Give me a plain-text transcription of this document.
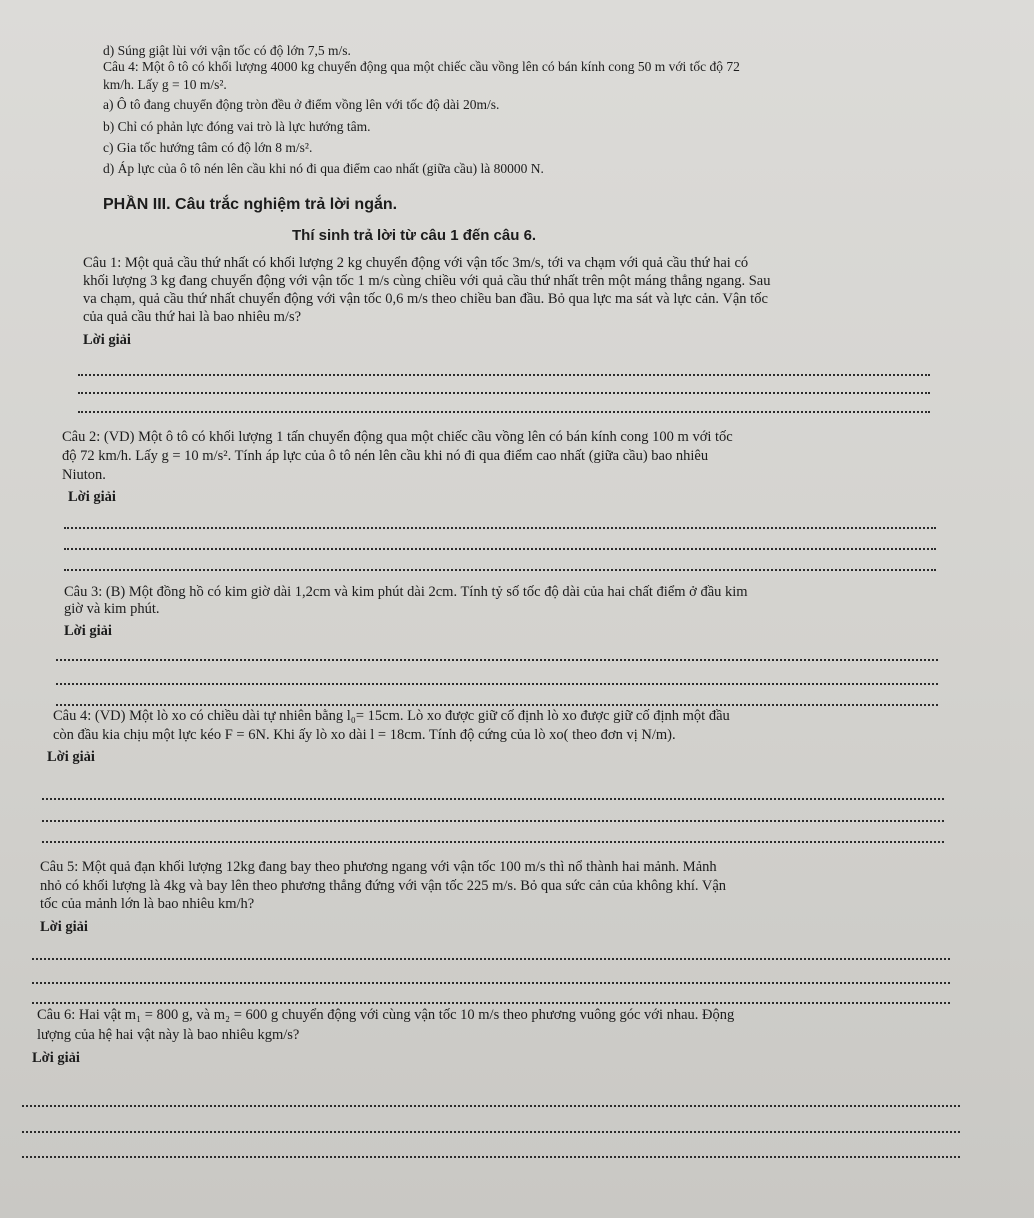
d) Súng giật lùi với vận tốc có độ lớn 7,5 m/s.
Câu 4: Một ô tô có khối lượng 4000 kg chuyển động qua một chiếc cầu vồng lên có bán kính cong 50 m với tốc độ 72
km/h. Lấy g = 10 m/s².
a) Ô tô đang chuyển động tròn đều ở điểm vồng lên với tốc độ dài 20m/s.
b) Chỉ có phản lực đóng vai trò là lực hướng tâm.
c) Gia tốc hướng tâm có độ lớn 8 m/s².
d) Áp lực của ô tô nén lên cầu khi nó đi qua điểm cao nhất (giữa cầu) là 80000 N.
PHẦN III. Câu trắc nghiệm trả lời ngắn.
Thí sinh trả lời từ câu 1 đến câu 6.
Câu 1: Một quả cầu thứ nhất có khối lượng 2 kg chuyển động với vận tốc 3m/s, tới va chạm với quả cầu thứ hai có
khối lượng 3 kg đang chuyển động với vận tốc 1 m/s cùng chiều với quả cầu thứ nhất trên một máng thẳng ngang. Sau
va chạm, quả cầu thứ nhất chuyển động với vận tốc 0,6 m/s theo chiều ban đầu. Bỏ qua lực ma sát và lực cản. Vận tốc
của quả cầu thứ hai là bao nhiêu m/s?
Lời giải
Câu 2: (VD) Một ô tô có khối lượng 1 tấn chuyển động qua một chiếc cầu vồng lên có bán kính cong 100 m với tốc
độ 72 km/h. Lấy g = 10 m/s². Tính áp lực của ô tô nén lên cầu khi nó đi qua điểm cao nhất (giữa cầu) bao nhiêu
Niuton.
Lời giải
Câu 3: (B) Một đồng hồ có kim giờ dài 1,2cm và kim phút dài 2cm. Tính tỷ số tốc độ dài của hai chất điểm ở đầu kim
giờ và kim phút.
Lời giải
Câu 4: (VD) Một lò xo có chiều dài tự nhiên bằng l₀= 15cm. Lò xo được giữ cố định lò xo được giữ cố định một đầu
còn đầu kia chịu một lực kéo F = 6N. Khi ấy lò xo dài l = 18cm. Tính độ cứng của lò xo( theo đơn vị N/m).
Lời giải
Câu 5: Một quả đạn khối lượng 12kg đang bay theo phương ngang với vận tốc 100 m/s thì nổ thành hai mảnh. Mảnh
nhỏ có khối lượng là 4kg và bay lên theo phương thẳng đứng với vận tốc 225 m/s. Bỏ qua sức cản của không khí. Vận
tốc của mảnh lớn là bao nhiêu km/h?
Lời giải
Câu 6: Hai vật m₁ = 800 g, và m₂ = 600 g chuyển động với cùng vận tốc 10 m/s theo phương vuông góc với nhau. Động
lượng của hệ hai vật này là bao nhiêu kgm/s?
Lời giải
